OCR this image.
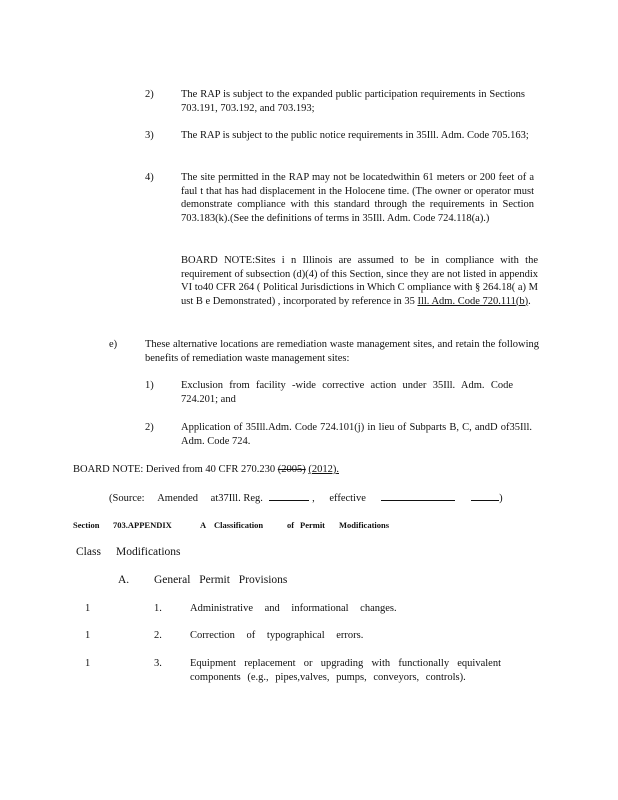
2)	The RAP is subject to the expanded public participation requirements in Sections 703.191, 703.192, and 703.193;
3)	The RAP is subject to the public notice requirements in 35Ill. Adm. Code 705.163;
4)	The site permitted in the RAP may not be locatedwithin 61 meters or 200 feet of a faul t that has had displacement in the Holocene time. (The owner or operator must demonstrate compliance with this standard through the requirements in Section 703.183(k).(See the definitions of terms in 35Ill. Adm. Code 724.118(a).)
BOARD NOTE:Sites i n Illinois are assumed to be in compliance with the requirement of subsection (d)(4) of this Section, since they are not listed in appendix VI to40 CFR 264 ( Political Jurisdictions in Which C ompliance with § 264.18( a) M ust B e Demonstrated) , incorporated by reference in 35 Ill. Adm. Code 720.111(b).
e)	These alternative locations are remediation waste management sites, and retain the following benefits of remediation waste management sites:
1)	Exclusion from facility -wide corrective action under 35Ill. Adm. Code 724.201; and
2)	Application of 35Ill.Adm. Code 724.101(j) in lieu of Subparts B, C, andD of35Ill. Adm. Code 724.
BOARD NOTE: Derived from 40 CFR 270.230 (2005) (2012).
(Source: Amended at37Ill. Reg.	, effective	)
Section 703.APPENDIX	A Classification	of Permit Modifications
Class Modifications
A. General Permit Provisions
1	1.	Administrative and informational changes.
1	2.	Correction of typographical errors.
1	3.	Equipment replacement or upgrading with functionally equivalent components (e.g., pipes,valves, pumps, conveyors, controls).
